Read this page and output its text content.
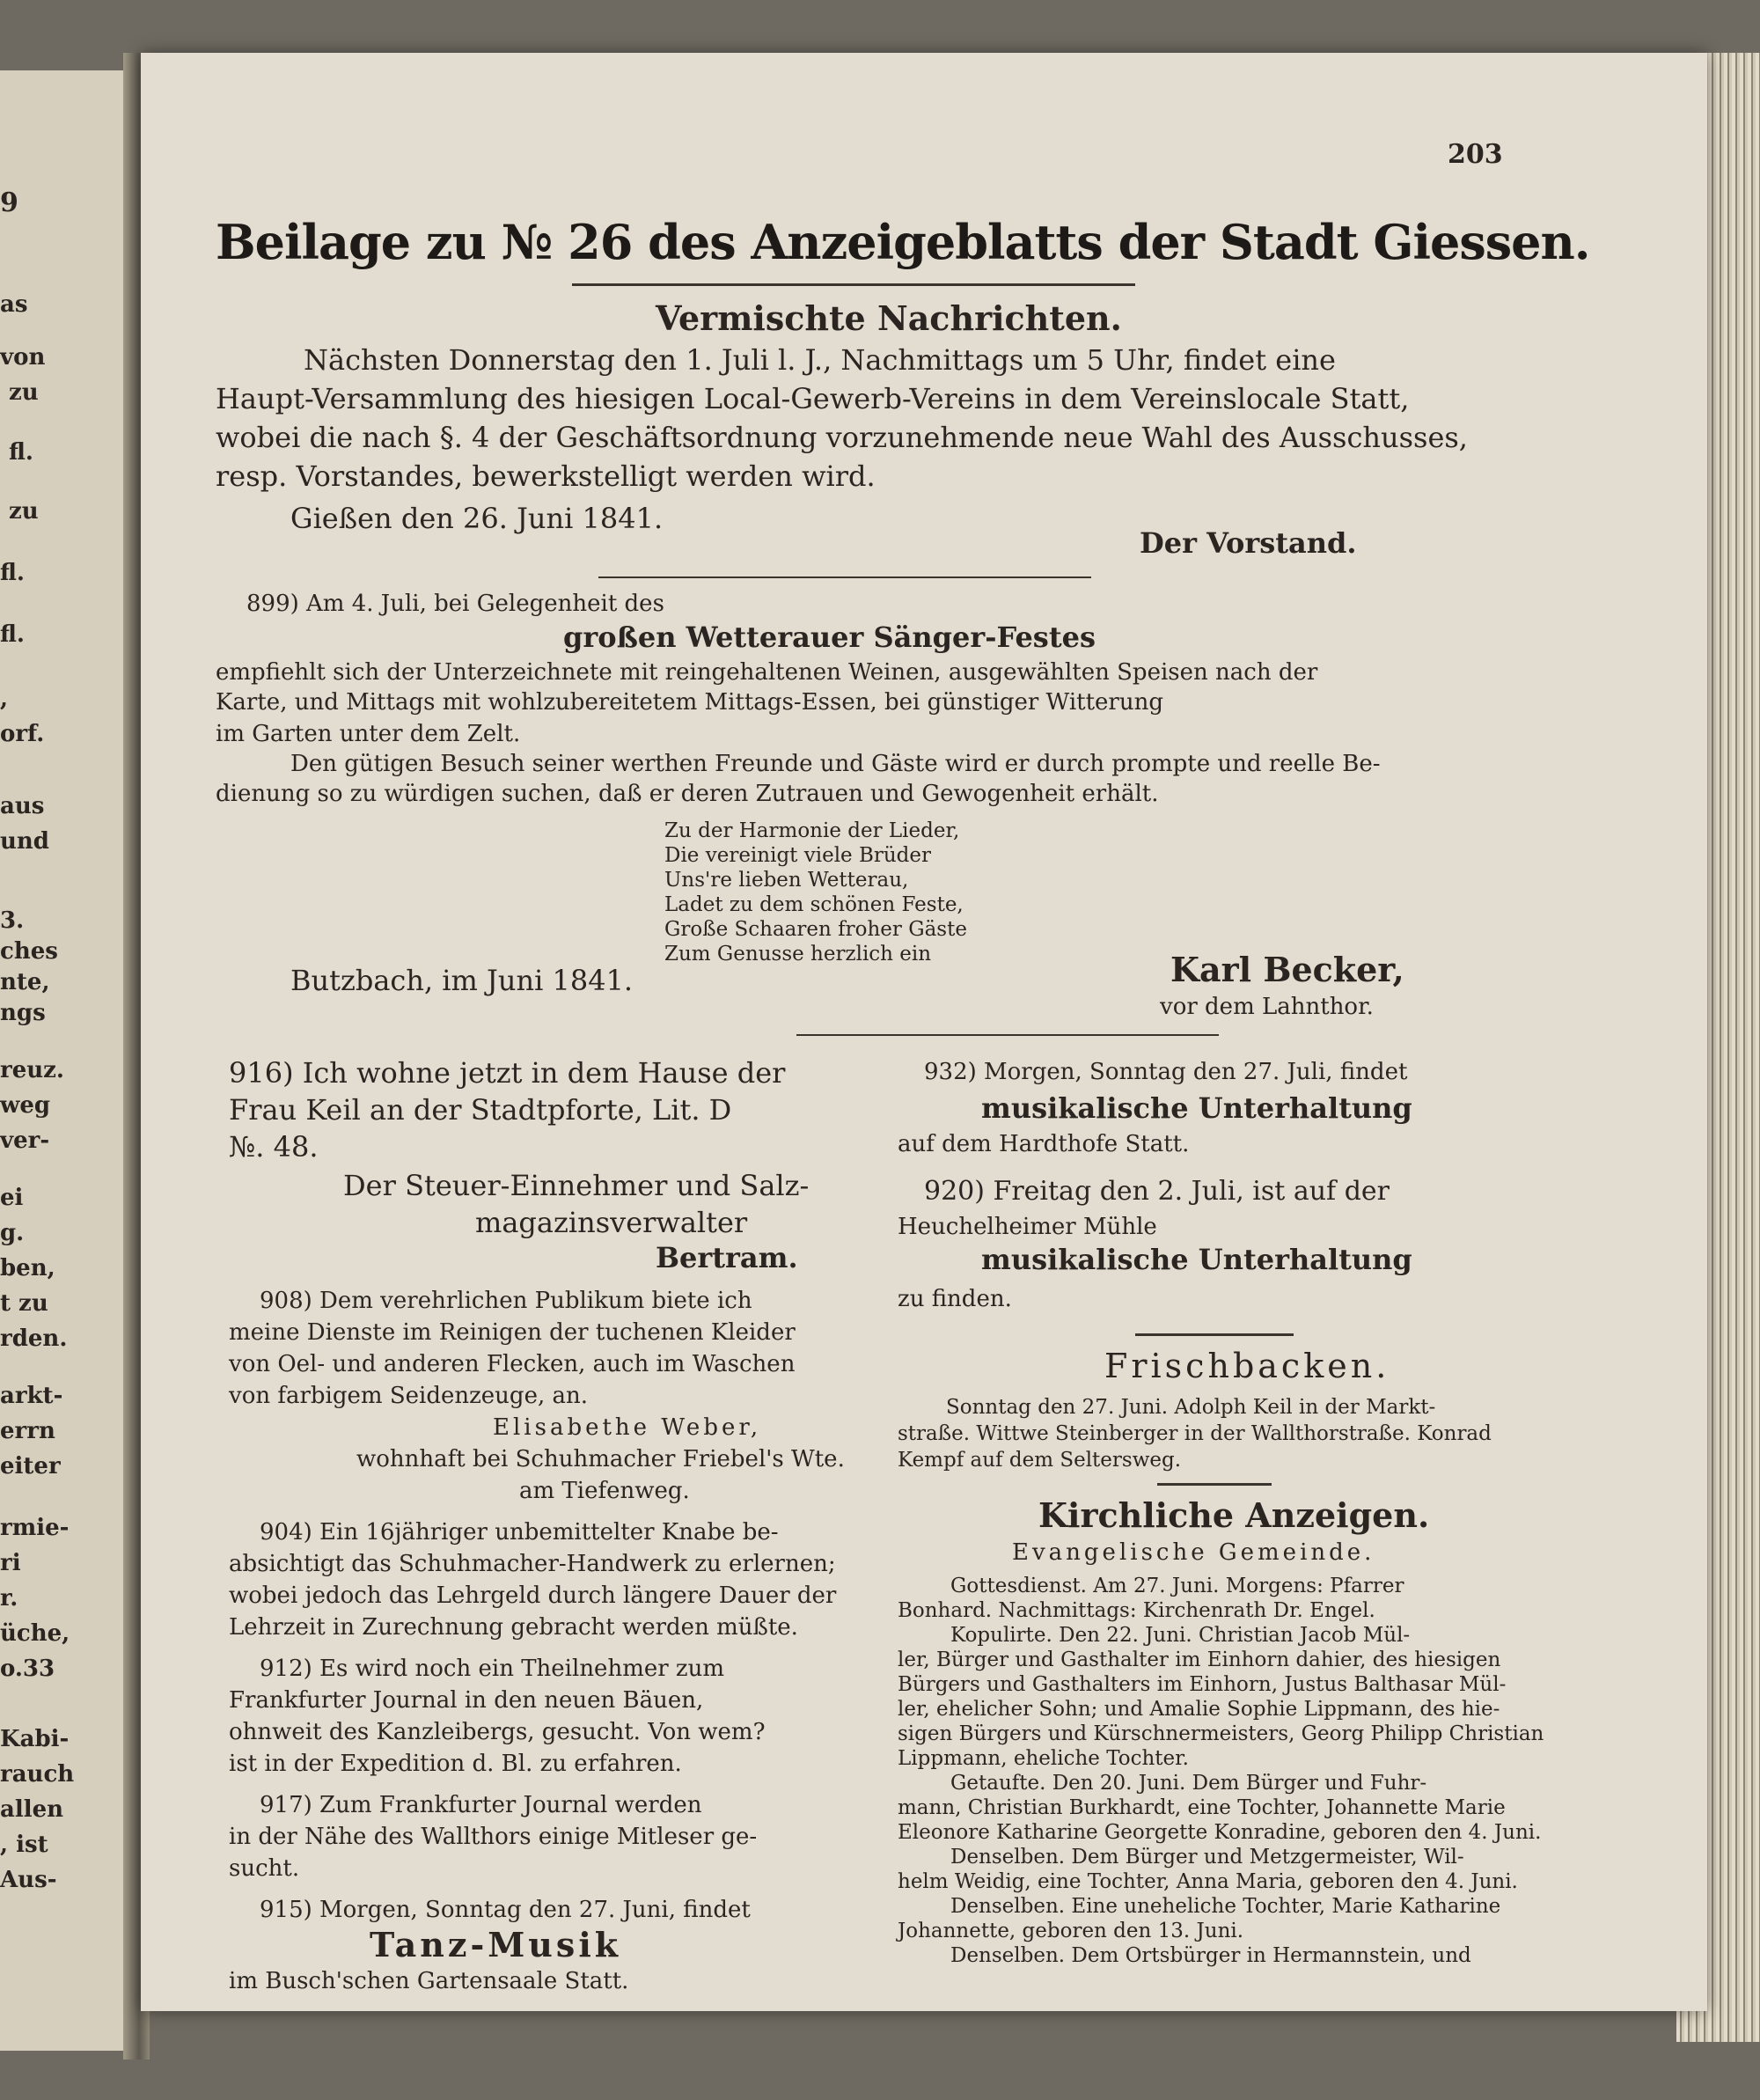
9
as
von
zu
fl.
zu
fl.
fl.
,
orf.
aus
und
3.
ches
nte,
ngs
reuz.
weg
ver-
ei
g.
ben,
t zu
rden.
arkt-
errn
eiter
rmie-
ri
r.
üche,
o.33
Kabi-
rauch
allen
, ist
Aus-
203
Beilage zu № 26 des Anzeigeblatts der Stadt Giessen.
Vermischte Nachrichten.
Nächsten Donnerstag den 1. Juli l. J., Nachmittags um 5 Uhr, findet eine
Haupt-Versammlung des hiesigen Local-Gewerb-Vereins in dem Vereinslocale Statt,
wobei die nach §. 4 der Geschäftsordnung vorzunehmende neue Wahl des Ausschusses,
resp. Vorstandes, bewerkstelligt werden wird.
Gießen den 26. Juni 1841.
Der Vorstand.
899) Am 4. Juli, bei Gelegenheit des
großen Wetterauer Sänger-Festes
empfiehlt sich der Unterzeichnete mit reingehaltenen Weinen, ausgewählten Speisen nach der
Karte, und Mittags mit wohlzubereitetem Mittags-Essen, bei günstiger Witterung
im Garten unter dem Zelt.
Den gütigen Besuch seiner werthen Freunde und Gäste wird er durch prompte und reelle Be-
dienung so zu würdigen suchen, daß er deren Zutrauen und Gewogenheit erhält.
Zu der Harmonie der Lieder,
Die vereinigt viele Brüder
Uns're lieben Wetterau,
Ladet zu dem schönen Feste,
Große Schaaren froher Gäste
Zum Genusse herzlich ein
Butzbach, im Juni 1841.	Karl Becker,
vor dem Lahnthor.
916) Ich wohne jetzt in dem Hause der
Frau Keil an der Stadtpforte, Lit. D
№. 48.
Der Steuer-Einnehmer und Salz-
magazinsverwalter
Bertram.
908) Dem verehrlichen Publikum biete ich
meine Dienste im Reinigen der tuchenen Kleider
von Oel- und anderen Flecken, auch im Waschen
von farbigem Seidenzeuge, an.
Elisabethe Weber,
wohnhaft bei Schuhmacher Friebel's Wte.
am Tiefenweg.
904) Ein 16jähriger unbemittelter Knabe be-
absichtigt das Schuhmacher-Handwerk zu erlernen;
wobei jedoch das Lehrgeld durch längere Dauer der
Lehrzeit in Zurechnung gebracht werden müßte.
912) Es wird noch ein Theilnehmer zum
Frankfurter Journal in den neuen Bäuen,
ohnweit des Kanzleibergs, gesucht. Von wem?
ist in der Expedition d. Bl. zu erfahren.
917) Zum Frankfurter Journal werden
in der Nähe des Wallthors einige Mitleser ge-
sucht.
915) Morgen, Sonntag den 27. Juni, findet
Tanz-Musik
im Busch'schen Gartensaale Statt.
932) Morgen, Sonntag den 27. Juli, findet
musikalische Unterhaltung
auf dem Hardthofe Statt.
920) Freitag den 2. Juli, ist auf der
Heuchelheimer Mühle
musikalische Unterhaltung
zu finden.
Frischbacken.
Sonntag den 27. Juni. Adolph Keil in der Markt-
straße. Wittwe Steinberger in der Wallthorstraße. Konrad
Kempf auf dem Seltersweg.
Kirchliche Anzeigen.
Evangelische Gemeinde.
Gottesdienst. Am 27. Juni. Morgens: Pfarrer
Bonhard. Nachmittags: Kirchenrath Dr. Engel.
Kopulirte. Den 22. Juni. Christian Jacob Mül-
ler, Bürger und Gasthalter im Einhorn dahier, des hiesigen
Bürgers und Gasthalters im Einhorn, Justus Balthasar Mül-
ler, ehelicher Sohn; und Amalie Sophie Lippmann, des hie-
sigen Bürgers und Kürschnermeisters, Georg Philipp Christian
Lippmann, eheliche Tochter.
Getaufte. Den 20. Juni. Dem Bürger und Fuhr-
mann, Christian Burkhardt, eine Tochter, Johannette Marie
Eleonore Katharine Georgette Konradine, geboren den 4. Juni.
Denselben. Dem Bürger und Metzgermeister, Wil-
helm Weidig, eine Tochter, Anna Maria, geboren den 4. Juni.
Denselben. Eine uneheliche Tochter, Marie Katharine
Johannette, geboren den 13. Juni.
Denselben. Dem Ortsbürger in Hermannstein, und
